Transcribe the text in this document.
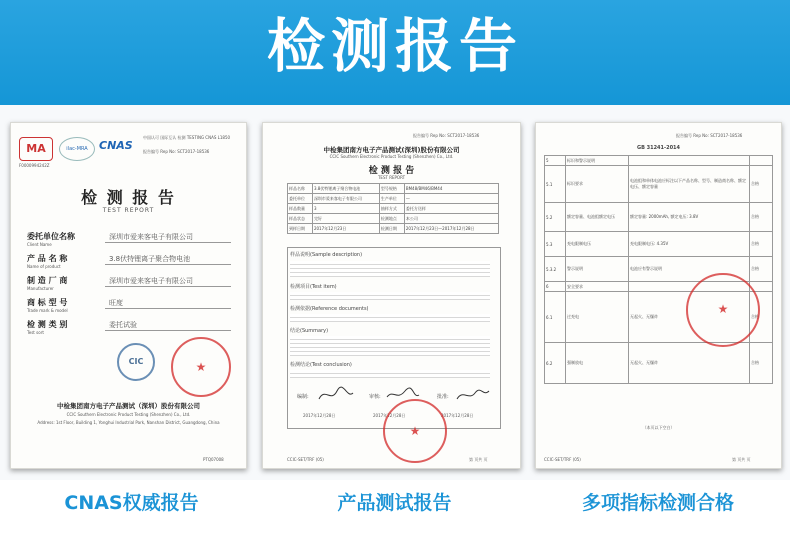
检测报告
MA	ilac-MRA	CNAS
F0000994242Z
中国认可 国际互认 检测 TESTING CNAS L1850
报告编号 Rep No: SCT2017-18536
检 测 报 告
TEST REPORT
委托单位名称
Client Name
深圳市爱来客电子有限公司
产 品 名 称
Name of product
3.8伏特锂离子聚合物电池
制 造 厂 商
Manufacturer
深圳市爱来客电子有限公司
商 标 型 号
Trade mark & model
旺度
检 测 类 别
Test sort
委托试验
CIC	★
中检集团南方电子产品测试（深圳）股份有限公司
CCIC Southern Electronic Product Testing (Shenzhen) Co., Ltd.
Address: 1st Floor, Building 1, Yonghui Industrial Park, Nanshan District, Guangdong, China
PTQ07008
报告编号 Rep No: SCT2017-18536
中检集团南方电子产品测试(深圳)股份有限公司
CCIC Southern Electronic Product Testing (Shenzhen) Co., Ltd.
检 测 报 告
TEST REPORT
样品名称	3.8伏特锂离子聚合物电池	型号规格	BM48/BM46/BM44
委托单位	深圳市爱来客电子有限公司	生产单位	—
样品数量	3	抽样方式	委托方送样
样品状态	完好	检测地点	本公司
到样日期	2017年12月23日	检测日期	2017年12月23日—2017年12月28日
样品说明(Sample description)
检测项目(Test item)
检测依据(Reference documents)
结论(Summary)
检测结论(Test conclusion)
编制:	审核:	批准:
2017年12月28日	2017年12月28日	2017年12月28日
★
CCIC-SET/TRF (05)	第 页共 页
报告编号 Rep No: SCT2017-18536
GB 31241-2014
5	标识和警示说明		
5.1	标识要求	电池组和单体电池应标注以下产品名称、型号、制造商名称、额定电压、额定容量	合格
5.2	额定容量、电池组额定电压	额定容量: 2000mAh, 额定电压: 3.8V	合格
5.3	充电限制电压	充电限制电压: 4.35V	合格
5.3.2	警示说明	电池应有警示说明	合格
6	安全要求		
6.1	过充电	无起火、无爆炸	合格
6.2	强制放电	无起火、无爆炸	合格
（本页以下空白）
★
CCIC-SET/TRF (05)	第 页共 页
CNAS权威报告	产品测试报告	多项指标检测合格
